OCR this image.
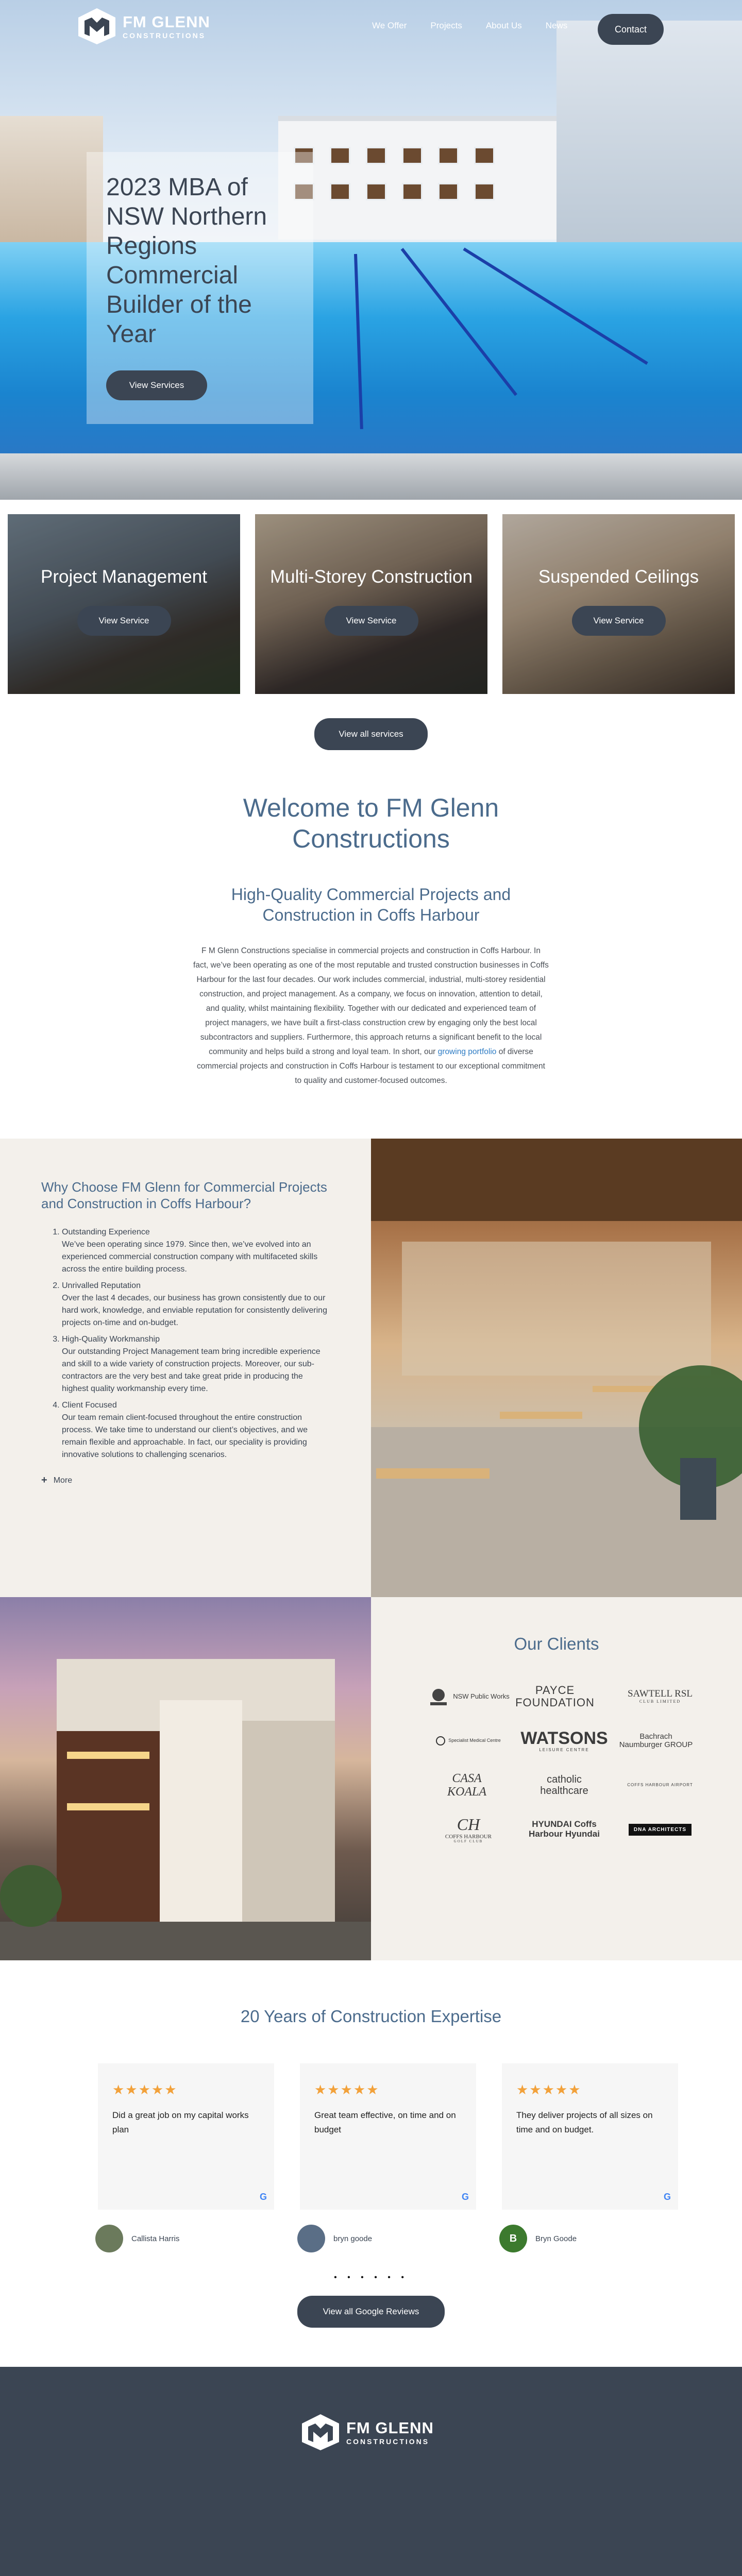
FM GLENN
CONSTRUCTIONS
We Offer	Projects	About Us	News	Contact
2023 MBA of NSW Northern Regions Commercial Builder of the Year
View Services
Project Management
View Service
Multi-Storey Construction
View Service
Suspended Ceilings
View Service
View all services
Welcome to FM Glenn Constructions
High-Quality Commercial Projects and Construction in Coffs Harbour

F M Glenn Constructions specialise in commercial projects and construction in Coffs Harbour. In fact, we’ve been operating as one of the most reputable and trusted construction businesses in Coffs Harbour for the last four decades. Our work includes commercial, industrial, multi-storey residential construction, and project management. As a company, we focus on innovation, attention to detail, and quality, whilst maintaining flexibility. Together with our dedicated and experienced team of project managers, we have built a first-class construction crew by engaging only the best local subcontractors and suppliers. Furthermore, this approach returns a significant benefit to the local community and helps build a strong and loyal team. In short, our growing portfolio of diverse commercial projects and construction in Coffs Harbour is testament to our exceptional commitment to quality and customer-focused outcomes.

Why Choose FM Glenn for Commercial Projects and Construction in Coffs Harbour?
1. Outstanding Experience
We’ve been operating since 1979. Since then, we’ve evolved into an experienced commercial construction company with multifaceted skills across the entire building process.
2. Unrivalled Reputation
Over the last 4 decades, our business has grown consistently due to our hard work, knowledge, and enviable reputation for consistently delivering projects on-time and on-budget.
3. High-Quality Workmanship
Our outstanding Project Management team bring incredible experience and skill to a wide variety of construction projects. Moreover, our sub-contractors are the very best and take great pride in producing the highest quality workmanship every time.
4. Client Focused
Our team remain client-focused throughout the entire construction process. We take time to understand our client’s objectives, and we remain flexible and approachable. In fact, our speciality is providing innovative solutions to challenging scenarios.
+ More
Our Clients
NSW Public Works	PAYCE FOUNDATION
SAWTELL RSL
CLUB LIMITED
Specialist Medical Centre WATSONS
LEISURE CENTRE
Bachrach Naumburger GROUP
CASA KOALA
catholic healthcare
COFFS HARBOUR AIRPORT
CH
COFFS HARBOUR
GOLF CLUB
HYUNDAI Coffs Harbour Hyundai	DNA ARCHITECTS
20 Years of Construction Expertise
★★★★★

Did a great job on my capital works plan

G
★★★★★

Great team effective, on time and on budget

G
★★★★★

They deliver projects of all sizes on time and on budget.

G
Callista Harris	bryn goode	B	Bryn Goode
• • • • • •
View all Google Reviews
FM GLENN
CONSTRUCTIONS
